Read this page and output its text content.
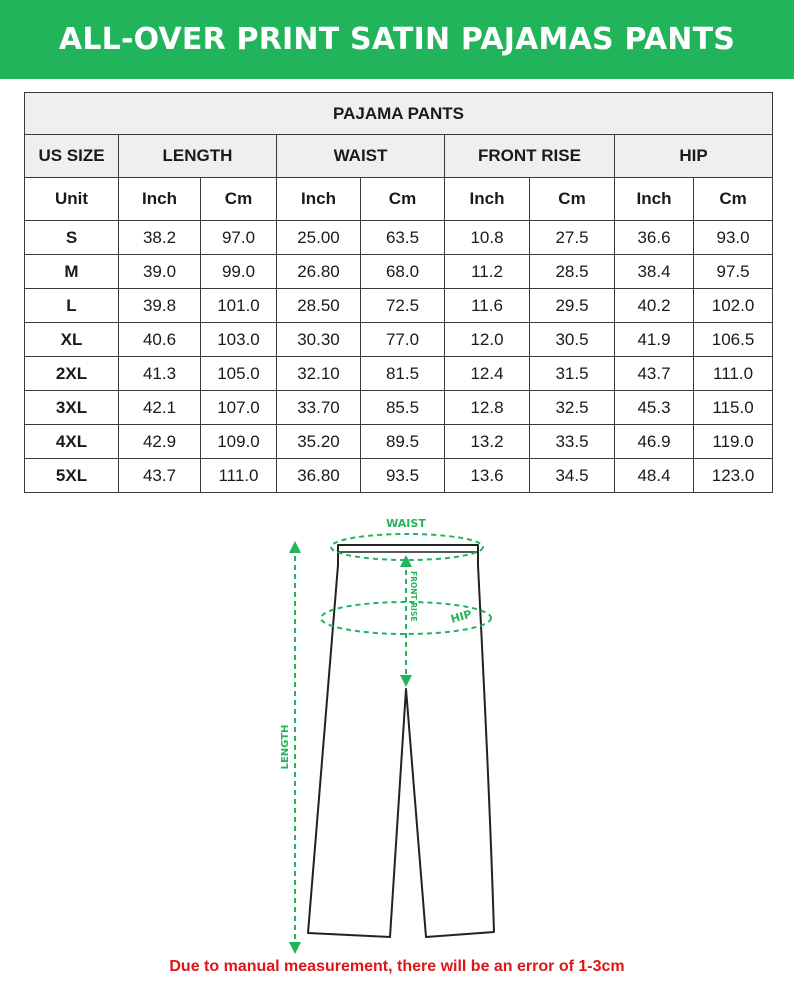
ALL-OVER PRINT SATIN PAJAMAS PANTS
PAJAMA PANTS								
US SIZE	LENGTH		WAIST		FRONT RISE		HIP	
Unit	Inch	Cm	Inch	Cm	Inch	Cm	Inch	Cm
S	38.2	97.0	25.00	63.5	10.8	27.5	36.6	93.0
M	39.0	99.0	26.80	68.0	11.2	28.5	38.4	97.5
L	39.8	101.0	28.50	72.5	11.6	29.5	40.2	102.0
XL	40.6	103.0	30.30	77.0	12.0	30.5	41.9	106.5
2XL	41.3	105.0	32.10	81.5	12.4	31.5	43.7	111.0
3XL	42.1	107.0	33.70	85.5	12.8	32.5	45.3	115.0
4XL	42.9	109.0	35.20	89.5	13.2	33.5	46.9	119.0
5XL	43.7	111.0	36.80	93.5	13.6	34.5	48.4	123.0
WAIST
HIP
FRONT RISE
LENGTH
Due to manual measurement, there will be an error of 1-3cm
